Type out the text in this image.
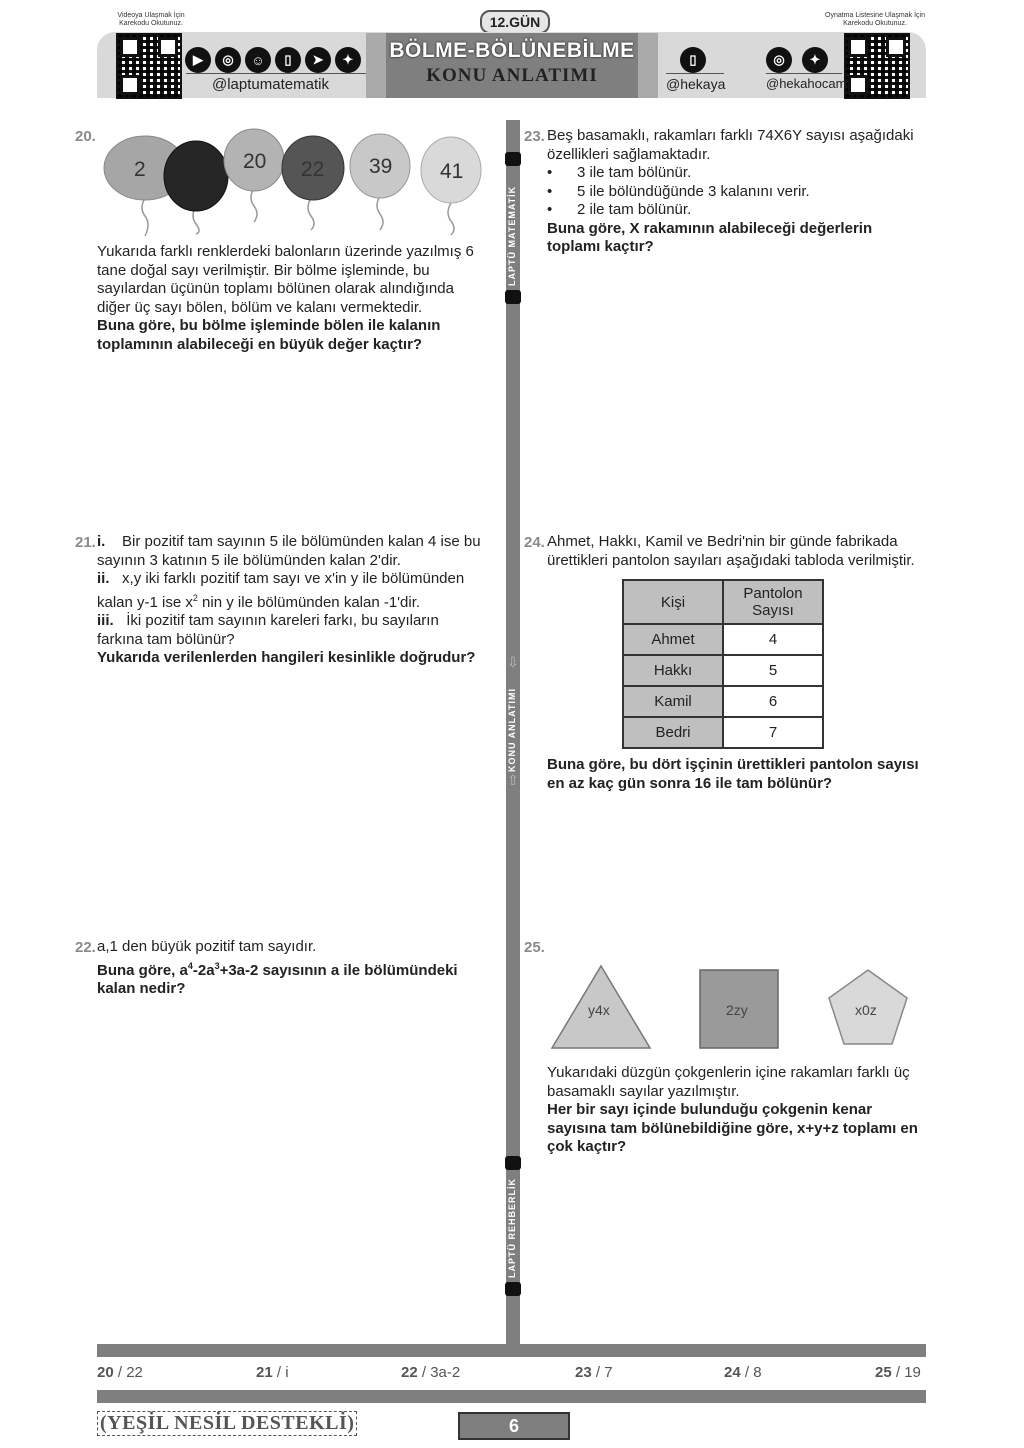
Videoya Ulaşmak İçin Karekodu Okutunuz.
Oynatma Listesine Ulaşmak İçin Karekodu Okutunuz.
12.GÜN
▶	◎	☺	▯	➤	✦
@laptumatematik
BÖLME-BÖLÜNEBİLME
KONU ANLATIMI
▯
@hekaya
◎	✦
@hekahocam
LAPTÜ MATEMATİK
⇩
KONU ANLATIMI
⇧
LAPTÜ REHBERLİK
20.
2	20 22 39 41
Yukarıda farklı renklerdeki balonların üzerinde yazılmış 6 tane doğal sayı verilmiştir. Bir bölme işleminde, bu sayılardan üçünün toplamı bölünen olarak alındığında diğer üç sayı bölen, bölüm ve kalanı vermektedir.
Buna göre, bu bölme işleminde bölen ile kalanın toplamının alabileceği en büyük değer kaçtır?
21. i. Bir pozitif tam sayının 5 ile bölümünden kalan 4 ise bu sayının 3 katının 5 ile bölümünden kalan 2'dir.
ii. x,y iki farklı pozitif tam sayı ve x'in y ile bölümünden kalan y-1 ise $x^2$ nin y ile bölümünden kalan -1'dir.
iii. İki pozitif tam sayının kareleri farkı, bu sayıların farkına tam bölünür?
Yukarıda verilenlerden hangileri kesinlikle doğrudur?
22. a,1 den büyük pozitif tam sayıdır.
Buna göre, $a^4-2a^3+3a-2$ sayısının a ile bölümündeki kalan nedir?
23. Beş basamaklı, rakamları farklı 74X6Y sayısı aşağıdaki özellikleri sağlamaktadır.
• 3 ile tam bölünür.
• 5 ile bölündüğünde 3 kalanını verir.
• 2 ile tam bölünür.
Buna göre, X rakamının alabileceği değerlerin toplamı kaçtır?
24. Ahmet, Hakkı, Kamil ve Bedri'nin bir günde fabrikada ürettikleri pantolon sayıları aşağıdaki tabloda verilmiştir.
Kişi	Pantolon Sayısı
Ahmet	4
Hakkı	5
Kamil	6
Bedri	7
Buna göre, bu dört işçinin ürettikleri pantolon sayısı en az kaç gün sonra 16 ile tam bölünür?
25.
y4x	2zy	x0z
Yukarıdaki düzgün çokgenlerin içine rakamları farklı üç basamaklı sayılar yazılmıştır.
Her bir sayı içinde bulunduğu çokgenin kenar sayısına tam bölünebildiğine göre, x+y+z toplamı en çok kaçtır?
20 / 22	21 / i	22 / 3a-2	23 / 7	24 / 8	25 / 19
(YEŞİL NESİL DESTEKLİ)	6
